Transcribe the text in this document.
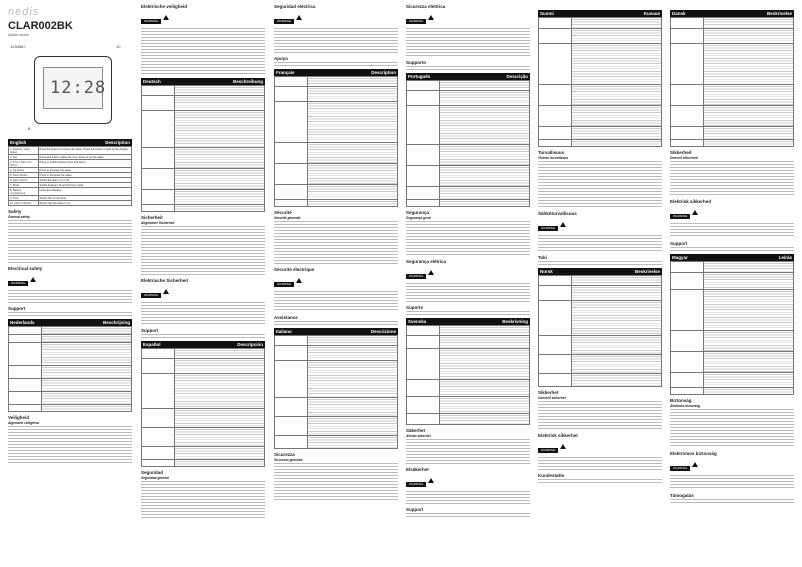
nedis
CLAR002BK
Alarm clock
123456?	10
12:28
8
English	Description
1. Snooze / Light button	Press the button to snooze the alarm. Press this button to light up the display.
2. Set	Press and hold to adjust the time. Press to set the alarm.
3. Time / Alarm set button	Press to switch between time and alarm.
4. Up button	Press to increase the value.
5. Down button	Press to decrease the value.
6. Alarm switch	Switch the alarm on or off.
7. Mode	Switch between 12 and 24 hour mode.
8. Battery compartment	Insert the batteries.
9. Time	Shows the current time.
10. Alarm indicator	Shows that the alarm is on.
Safety
General safety
Electrical safety
WARNING
Support
Nederlands	Beschrijving
Veiligheid
Algemene veiligheid
Elektrische veiligheid
WARNING
Deutsch	Beschreibung
Sicherheit
Allgemeine Sicherheit
Elektrische Sicherheit
WARNING
Support
Español	Descripción
Seguridad
Seguridad general
Seguridad eléctrica
WARNING
Apoyo
Français	Description
Sécurité
Sécurité générale
Sécurité électrique
WARNING
Assistance
Italiano	Descrizione
Sicurezza
Sicurezza generale
Sicurezza elettrica
WARNING
Supporto
Português	Descrição
Segurança
Segurança geral
Segurança elétrica
WARNING
Suporte
Svenska	Beskrivning
Säkerhet
Allmän säkerhet
Elsäkerhet
WARNING
Support
Suomi	Kuvaus
Turvallisuus
Yleinen turvallisuus
Sähköturvallisuus
WARNING
Tuki
Norsk	Beskrivelse
Sikkerhet
Generell sikkerhet
Elektrisk sikkerhet
WARNING
Kundestøtte
Dansk	Beskrivelse
Sikkerhed
Generel sikkerhed
Elektrisk sikkerhed
WARNING
Support
Magyar	Leírás
Biztonság
Általános biztonság
Elektromos biztonság
WARNING
Támogatás
